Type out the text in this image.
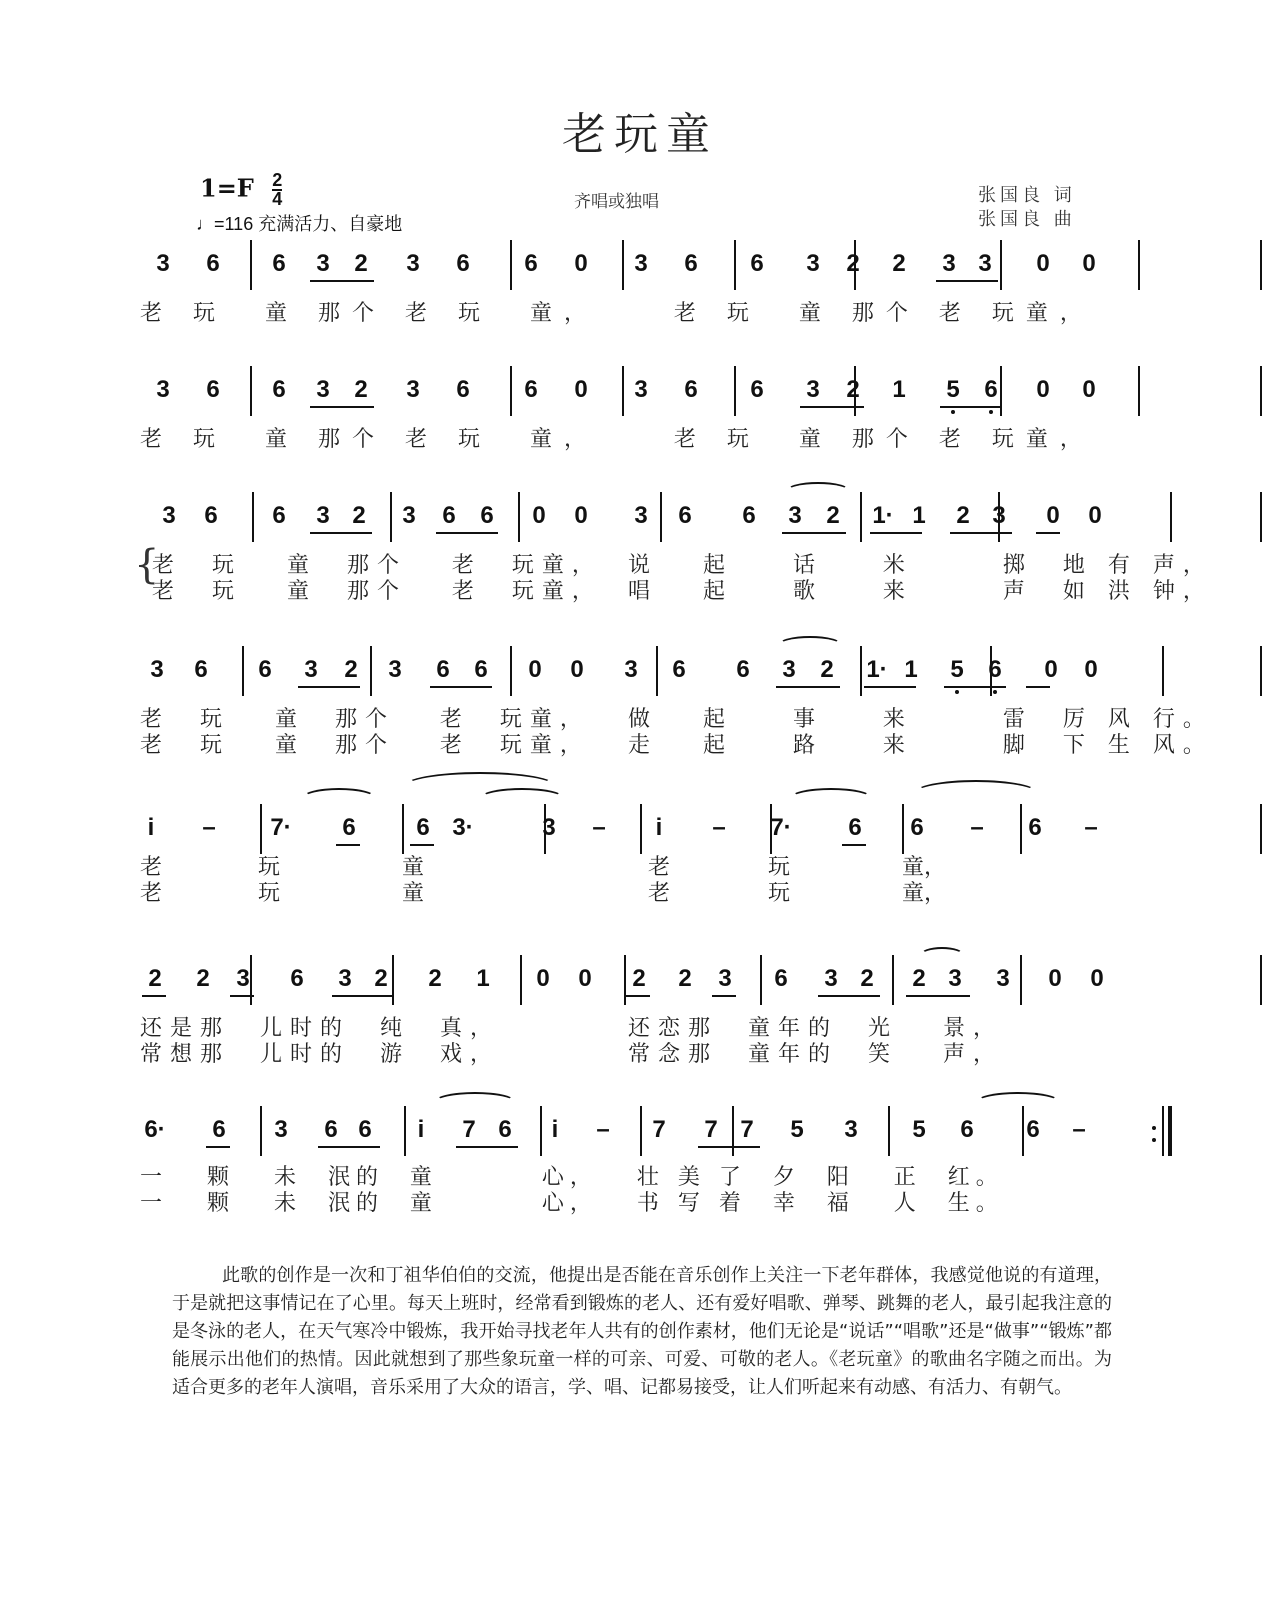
老玩童
$1=F \frac{2}{4}$
♩=116 充满活力、自豪地
齐唱或独唱	张国良 词
张国良 曲
3 6 6 3 2 3 6 6 0 3 6 6 3 2 2 3 3 0 0
老 玩  童 那个 老 玩  童，    老 玩  童 那个 老 玩童，
3 6 6 3 2 3 6 6 0 3 6 6 3 2 1 5 6 0 0
老 玩  童 那个 老 玩  童，    老 玩  童 那个 老 玩童，
3 6 6 3 2 3 6 6 0 0 3 6 6 3 2 1· 1 2 3 0 0
老  玩   童  那个   老  玩童， 说   起    话    米      掷  地 有 声，
老  玩   童  那个   老  玩童， 唱   起    歌    来      声  如 洪 钟，
{
3 6 6 3 2 3 6 6 0 0 3 6 6 3 2 1· 1 5 6 0 0
老  玩   童  那个   老  玩童， 做   起    事    来      雷  厉 风 行。
老  玩   童  那个   老  玩童， 走   起    路    来      脚  下 生 风。
i	– 7· 6	6 3·	3 –	i	– 7· 6 6 – 6 –
老	玩	童	老	玩	童，
老	玩	童	老	玩	童，
2 2 3 6 3 2 2 1 0 0 2 2 3 6 3 2 2 3 3 0 0
还是那  儿时的  纯  真，	还恋那  童年的  光   景，
常想那  儿时的  游  戏，	常念那  童年的  笑   声，
6· 6 3 6 6	i	7 6	i	– 7 7 7 5 3 5 6 6 –
一   颗   未  泯的  童        心，   壮 美 了  夕  阳   正  红。
一   颗   未  泯的  童        心，   书 写 着  幸  福   人  生。
此歌的创作是一次和丁祖华伯伯的交流，他提出是否能在音乐创作上关注一下老年群体，我感觉他说的有道理，于是就把这事情记在了心里。每天上班时，经常看到锻炼的老人、还有爱好唱歌、弹琴、跳舞的老人，最引起我注意的是冬泳的老人，在天气寒冷中锻炼，我开始寻找老年人共有的创作素材，他们无论是“说话”“唱歌”还是“做事”“锻炼”都能展示出他们的热情。因此就想到了那些象玩童一样的可亲、可爱、可敬的老人。《老玩童》的歌曲名字随之而出。为适合更多的老年人演唱，音乐采用了大众的语言，学、唱、记都易接受，让人们听起来有动感、有活力、有朝气。
